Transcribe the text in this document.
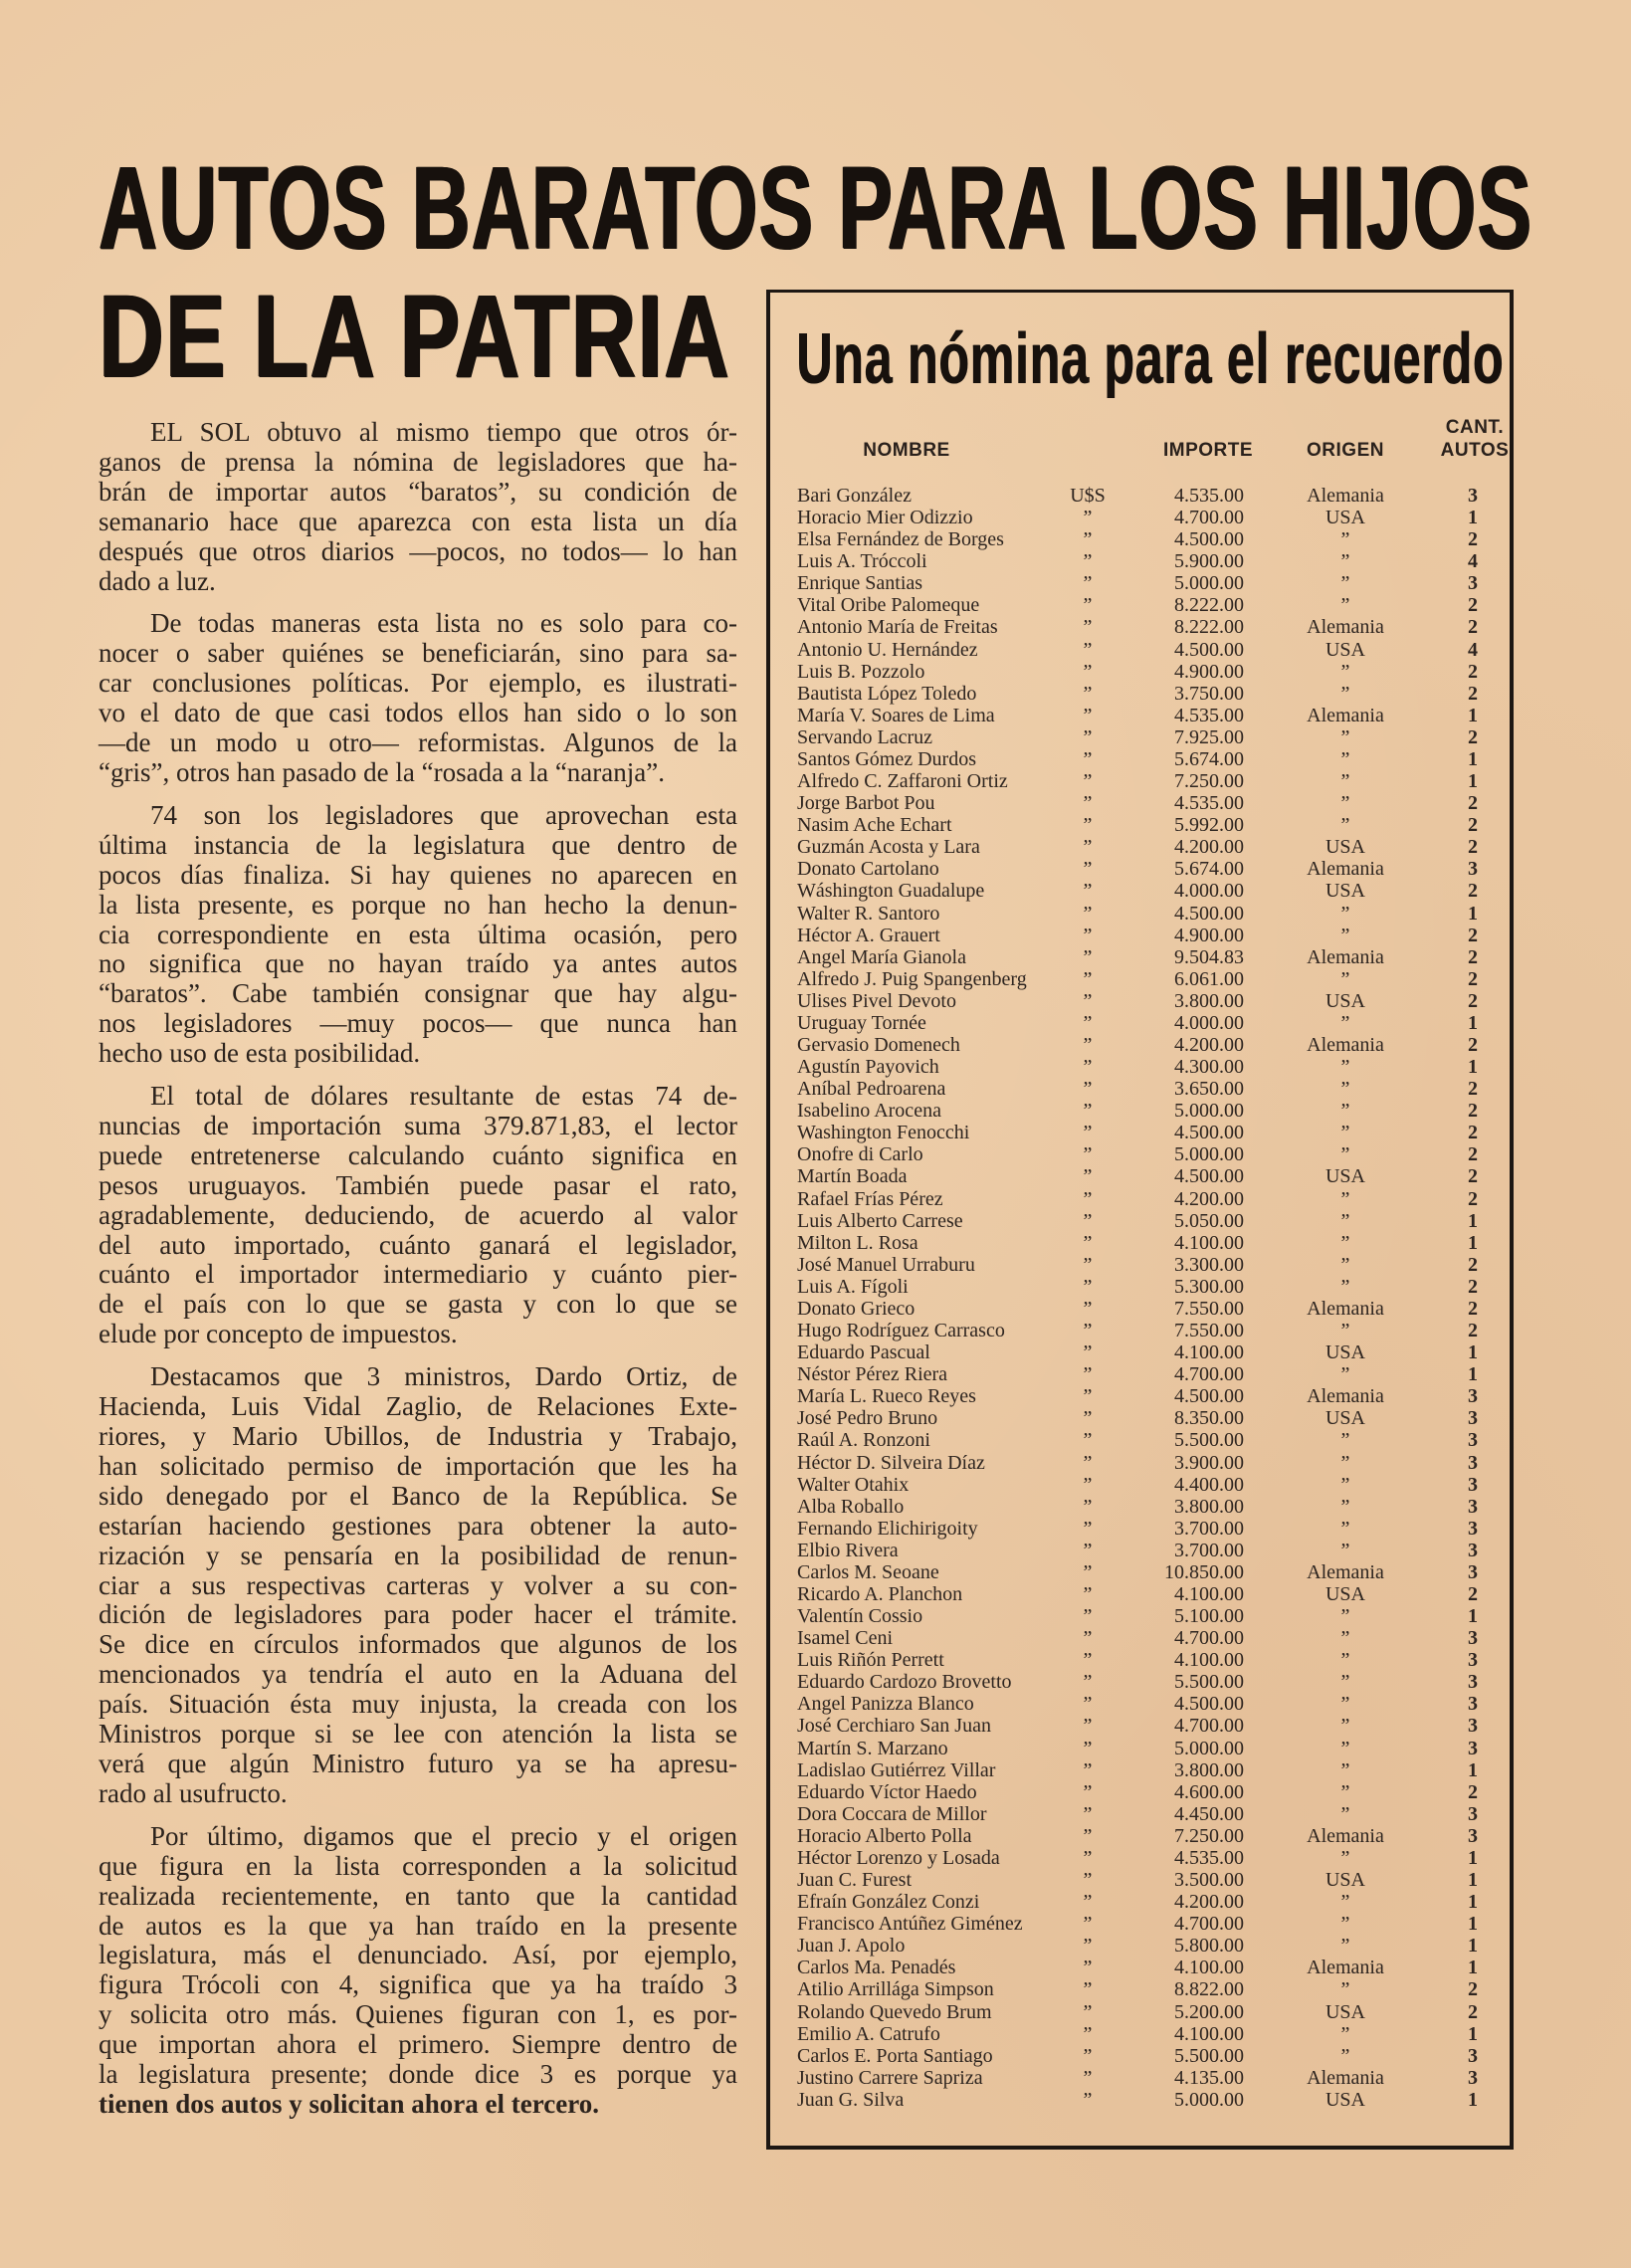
AUTOS BARATOS PARA LOS HIJOS
DE LA PATRIA
EL SOL obtuvo al mismo tiempo que otros ór-
ganos de prensa la nómina de legisladores que ha-
brán de importar autos “baratos”, su condición de
semanario hace que aparezca con esta lista un día
después que otros diarios —pocos, no todos— lo han
dado a luz.
De todas maneras esta lista no es solo para co-
nocer o saber quiénes se beneficiarán, sino para sa-
car conclusiones políticas. Por ejemplo, es ilustrati-
vo el dato de que casi todos ellos han sido o lo son
—de un modo u otro— reformistas. Algunos de la
“gris”, otros han pasado de la “rosada a la “naranja”.
74 son los legisladores que aprovechan esta
última instancia de la legislatura que dentro de
pocos días finaliza. Si hay quienes no aparecen en
la lista presente, es porque no han hecho la denun-
cia correspondiente en esta última ocasión, pero
no significa que no hayan traído ya antes autos
“baratos”. Cabe también consignar que hay algu-
nos legisladores —muy pocos— que nunca han
hecho uso de esta posibilidad.
El total de dólares resultante de estas 74 de-
nuncias de importación suma 379.871,83, el lector
puede entretenerse calculando cuánto significa en
pesos uruguayos. También puede pasar el rato,
agradablemente, deduciendo, de acuerdo al valor
del auto importado, cuánto ganará el legislador,
cuánto el importador intermediario y cuánto pier-
de el país con lo que se gasta y con lo que se
elude por concepto de impuestos.
Destacamos que 3 ministros, Dardo Ortiz, de
Hacienda, Luis Vidal Zaglio, de Relaciones Exte-
riores, y Mario Ubillos, de Industria y Trabajo,
han solicitado permiso de importación que les ha
sido denegado por el Banco de la República. Se
estarían haciendo gestiones para obtener la auto-
rización y se pensaría en la posibilidad de renun-
ciar a sus respectivas carteras y volver a su con-
dición de legisladores para poder hacer el trámite.
Se dice en círculos informados que algunos de los
mencionados ya tendría el auto en la Aduana del
país. Situación ésta muy injusta, la creada con los
Ministros porque si se lee con atención la lista se
verá que algún Ministro futuro ya se ha apresu-
rado al usufructo.
Por último, digamos que el precio y el origen
que figura en la lista corresponden a la solicitud
realizada recientemente, en tanto que la cantidad
de autos es la que ya han traído en la presente
legislatura, más el denunciado. Así, por ejemplo,
figura Trócoli con 4, significa que ya ha traído 3
y solicita otro más. Quienes figuran con 1, es por-
que importan ahora el primero. Siempre dentro de
la legislatura presente; donde dice 3 es porque ya
tienen dos autos y solicitan ahora el tercero.
Una nómina para el recuerdo
NOMBRE	IMPORTE	ORIGEN
CANT.
AUTOS
Bari González	U$S	4.535.00	Alemania	3
Horacio Mier Odizzio	”	4.700.00	USA	1
Elsa Fernández de Borges	”	4.500.00	”	2
Luis A. Tróccoli	”	5.900.00	”	4
Enrique Santias	”	5.000.00	”	3
Vital Oribe Palomeque	”	8.222.00	”	2
Antonio María de Freitas	”	8.222.00	Alemania	2
Antonio U. Hernández	”	4.500.00	USA	4
Luis B. Pozzolo	”	4.900.00	”	2
Bautista López Toledo	”	3.750.00	”	2
María V. Soares de Lima	”	4.535.00	Alemania	1
Servando Lacruz	”	7.925.00	”	2
Santos Gómez Durdos	”	5.674.00	”	1
Alfredo C. Zaffaroni Ortiz	”	7.250.00	”	1
Jorge Barbot Pou	”	4.535.00	”	2
Nasim Ache Echart	”	5.992.00	”	2
Guzmán Acosta y Lara	”	4.200.00	USA	2
Donato Cartolano	”	5.674.00	Alemania	3
Wáshington Guadalupe	”	4.000.00	USA	2
Walter R. Santoro	”	4.500.00	”	1
Héctor A. Grauert	”	4.900.00	”	2
Angel María Gianola	”	9.504.83	Alemania	2
Alfredo J. Puig Spangenberg	”	6.061.00	”	2
Ulises Pivel Devoto	”	3.800.00	USA	2
Uruguay Tornée	”	4.000.00	”	1
Gervasio Domenech	”	4.200.00	Alemania	2
Agustín Payovich	”	4.300.00	”	1
Aníbal Pedroarena	”	3.650.00	”	2
Isabelino Arocena	”	5.000.00	”	2
Washington Fenocchi	”	4.500.00	”	2
Onofre di Carlo	”	5.000.00	”	2
Martín Boada	”	4.500.00	USA	2
Rafael Frías Pérez	”	4.200.00	”	2
Luis Alberto Carrese	”	5.050.00	”	1
Milton L. Rosa	”	4.100.00	”	1
José Manuel Urraburu	”	3.300.00	”	2
Luis A. Fígoli	”	5.300.00	”	2
Donato Grieco	”	7.550.00	Alemania	2
Hugo Rodríguez Carrasco	”	7.550.00	”	2
Eduardo Pascual	”	4.100.00	USA	1
Néstor Pérez Riera	”	4.700.00	”	1
María L. Rueco Reyes	”	4.500.00	Alemania	3
José Pedro Bruno	”	8.350.00	USA	3
Raúl A. Ronzoni	”	5.500.00	”	3
Héctor D. Silveira Díaz	”	3.900.00	”	3
Walter Otahix	”	4.400.00	”	3
Alba Roballo	”	3.800.00	”	3
Fernando Elichirigoity	”	3.700.00	”	3
Elbio Rivera	”	3.700.00	”	3
Carlos M. Seoane	”	10.850.00	Alemania	3
Ricardo A. Planchon	”	4.100.00	USA	2
Valentín Cossio	”	5.100.00	”	1
Isamel Ceni	”	4.700.00	”	3
Luis Riñón Perrett	”	4.100.00	”	3
Eduardo Cardozo Brovetto	”	5.500.00	”	3
Angel Panizza Blanco	”	4.500.00	”	3
José Cerchiaro San Juan	”	4.700.00	”	3
Martín S. Marzano	”	5.000.00	”	3
Ladislao Gutiérrez Villar	”	3.800.00	”	1
Eduardo Víctor Haedo	”	4.600.00	”	2
Dora Coccara de Millor	”	4.450.00	”	3
Horacio Alberto Polla	”	7.250.00	Alemania	3
Héctor Lorenzo y Losada	”	4.535.00	”	1
Juan C. Furest	”	3.500.00	USA	1
Efraín González Conzi	”	4.200.00	”	1
Francisco Antúñez Giménez	”	4.700.00	”	1
Juan J. Apolo	”	5.800.00	”	1
Carlos Ma. Penadés	”	4.100.00	Alemania	1
Atilio Arrillága Simpson	”	8.822.00	”	2
Rolando Quevedo Brum	”	5.200.00	USA	2
Emilio A. Catrufo	”	4.100.00	”	1
Carlos E. Porta Santiago	”	5.500.00	”	3
Justino Carrere Sapriza	”	4.135.00	Alemania	3
Juan G. Silva	”	5.000.00	USA	1
